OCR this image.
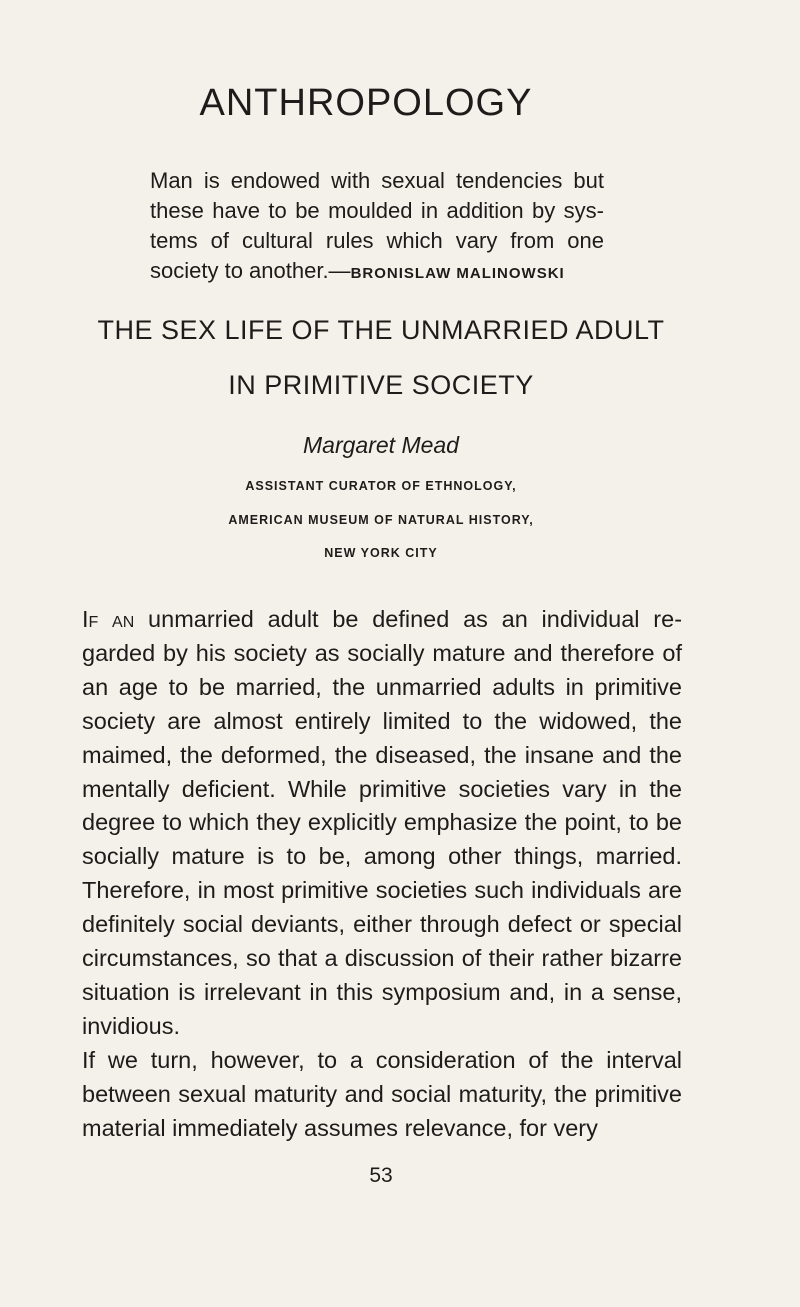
ANTHROPOLOGY
Man is endowed with sexual tendencies but these have to be moulded in addition by systems of cultural rules which vary from one society to another.—BRONISLAW MALINOWSKI
THE SEX LIFE OF THE UNMARRIED ADULT
IN PRIMITIVE SOCIETY
Margaret Mead
ASSISTANT CURATOR OF ETHNOLOGY,
AMERICAN MUSEUM OF NATURAL HISTORY,
NEW YORK CITY

If an unmarried adult be defined as an individual regarded by his society as socially mature and therefore of an age to be married, the unmarried adults in primitive society are almost entirely limited to the widowed, the maimed, the deformed, the diseased, the insane and the mentally deficient. While primitive societies vary in the degree to which they explicitly emphasize the point, to be socially mature is to be, among other things, married. Therefore, in most primitive societies such individuals are definitely social deviants, either through defect or special circumstances, so that a discussion of their rather bizarre situation is irrelevant in this symposium and, in a sense, invidious.

If we turn, however, to a consideration of the interval between sexual maturity and social maturity, the primitive material immediately assumes relevance, for very

53
